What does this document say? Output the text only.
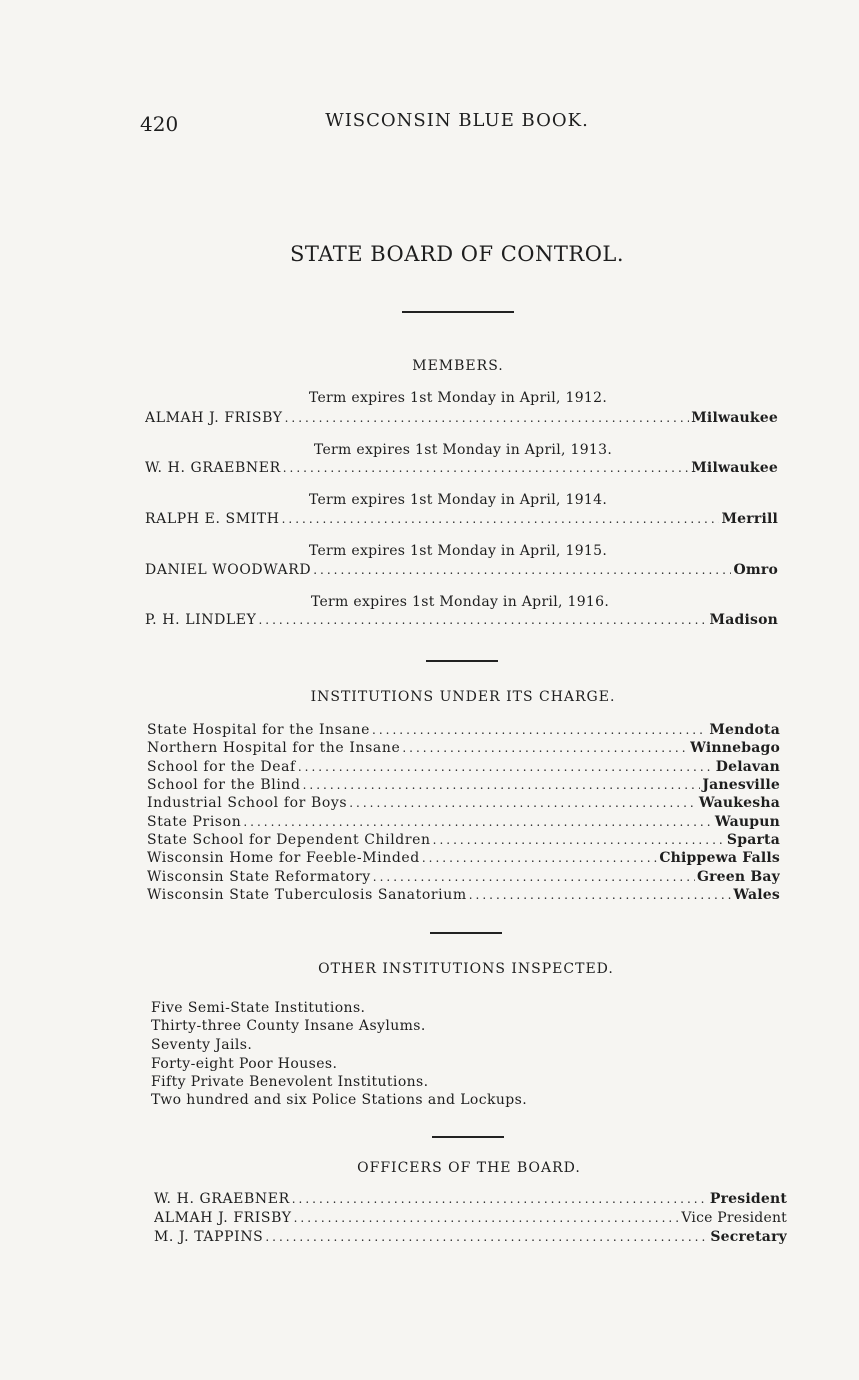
420	WISCONSIN BLUE BOOK.
STATE BOARD OF CONTROL.
MEMBERS.
Term expires 1st Monday in April, 1912.
ALMAH J. FRISBY .....	Milwaukee
Term expires 1st Monday in April, 1913.
W. H. GRAEBNER .....	Milwaukee
Term expires 1st Monday in April, 1914.
RALPH E. SMITH .....	Merrill
Term expires 1st Monday in April, 1915.
DANIEL WOODWARD .....	Omro
Term expires 1st Monday in April, 1916.
P. H. LINDLEY .....	Madison
INSTITUTIONS UNDER ITS CHARGE.
State Hospital for the Insane .....	Mendota
Northern Hospital for the Insane .....	Winnebago
School for the Deaf .....	Delavan
School for the Blind .....	Janesville
Industrial School for Boys .....	Waukesha
State Prison .....	Waupun
State School for Dependent Children .....	Sparta
Wisconsin Home for Feeble-Minded .....	Chippewa Falls
Wisconsin State Reformatory .....	Green Bay
Wisconsin State Tuberculosis Sanatorium .....	Wales
OTHER INSTITUTIONS INSPECTED.
Five Semi-State Institutions.
Thirty-three County Insane Asylums.
Seventy Jails.
Forty-eight Poor Houses.
Fifty Private Benevolent Institutions.
Two hundred and six Police Stations and Lockups.
OFFICERS OF THE BOARD.
W. H. GRAEBNER .....	President
ALMAH J. FRISBY .....	Vice President
M. J. TAPPINS .....	Secretary
